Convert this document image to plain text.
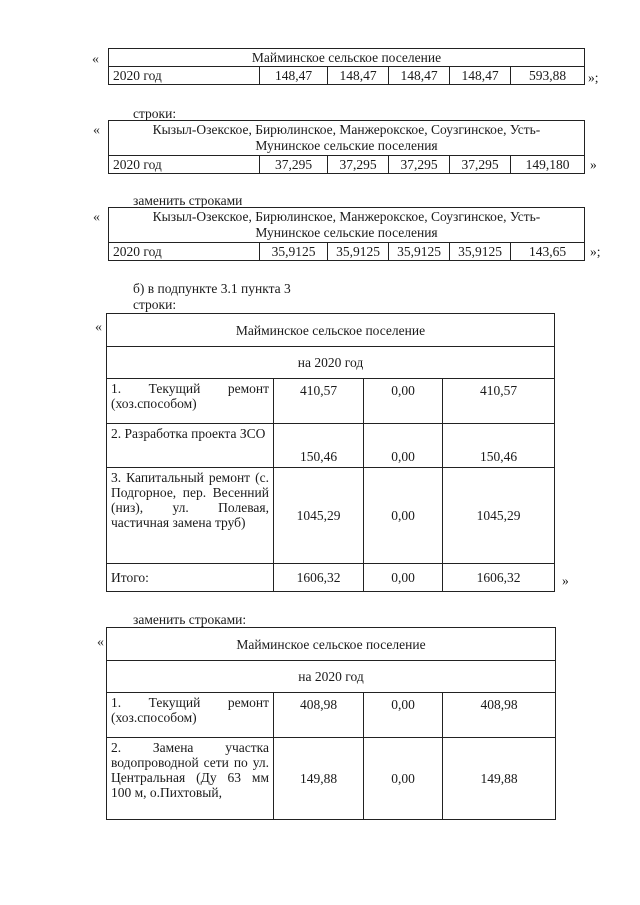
«	Майминское сельское поселение
2020 год	148,47	148,47	148,47	148,47	593,88 »;
строки:
«	Кызыл-Озекское, Бирюлинское, Манжерокское, Соузгинское, Усть-
Мунинское сельские поселения

2020 год	37,295	37,295	37,295	37,295	149,180 »
заменить строками
«	Кызыл-Озекское, Бирюлинское, Манжерокское, Соузгинское, Усть-
Мунинское сельские поселения

2020 год	35,9125	35,9125	35,9125	35,9125	143,65 »;
б) в подпункте 3.1 пункта 3
строки:
«	Майминское сельское поселение			
на 2020 год			
1. Текущий ремонт (хоз.способом)	410,57	0,00	410,57
2. Разработка проекта ЗСО	150,46	0,00	150,46
3. Капитальный ремонт (с. Подгорное, пер. Весенний (низ), ул. Полевая, частичная замена труб)	1045,29	0,00	1045,29
Итого:	1606,32	0,00	1606,32	»
заменить строками:
«	Майминское сельское поселение			
на 2020 год			
1. Текущий ремонт (хоз.способом)	408,98	0,00	408,98
2. Замена участка водопроводной сети по ул. Центральная (Ду 63 мм 100 м, о.Пихтовый,	149,88	0,00	149,88
